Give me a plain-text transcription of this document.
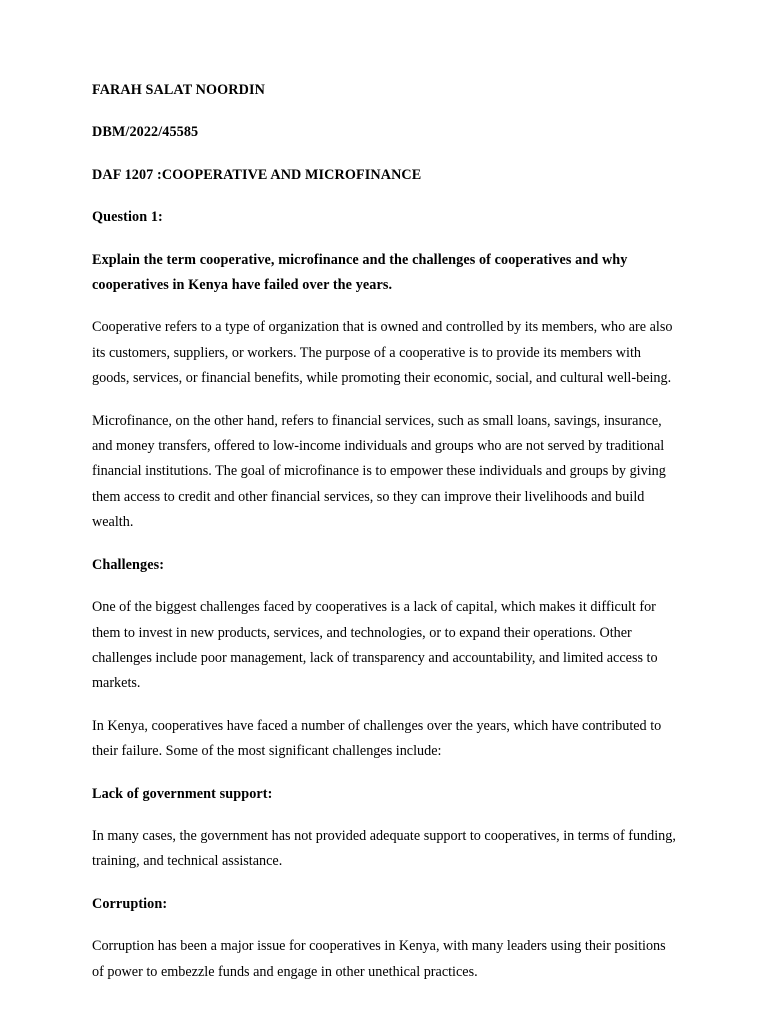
FARAH SALAT NOORDIN

DBM/2022/45585

DAF 1207 :COOPERATIVE AND MICROFINANCE

Question 1:

Explain the term cooperative, microfinance and the challenges of cooperatives and why cooperatives in Kenya have failed over the years.

Cooperative refers to a type of organization that is owned and controlled by its members, who are also its customers, suppliers, or workers. The purpose of a cooperative is to provide its members with goods, services, or financial benefits, while promoting their economic, social, and cultural well-being.

Microfinance, on the other hand, refers to financial services, such as small loans, savings, insurance, and money transfers, offered to low-income individuals and groups who are not served by traditional financial institutions. The goal of microfinance is to empower these individuals and groups by giving them access to credit and other financial services, so they can improve their livelihoods and build wealth.

Challenges:

One of the biggest challenges faced by cooperatives is a lack of capital, which makes it difficult for them to invest in new products, services, and technologies, or to expand their operations. Other challenges include poor management, lack of transparency and accountability, and limited access to markets.

In Kenya, cooperatives have faced a number of challenges over the years, which have contributed to their failure. Some of the most significant challenges include:

Lack of government support:

In many cases, the government has not provided adequate support to cooperatives, in terms of funding, training, and technical assistance.

Corruption:

Corruption has been a major issue for cooperatives in Kenya, with many leaders using their positions of power to embezzle funds and engage in other unethical practices.
